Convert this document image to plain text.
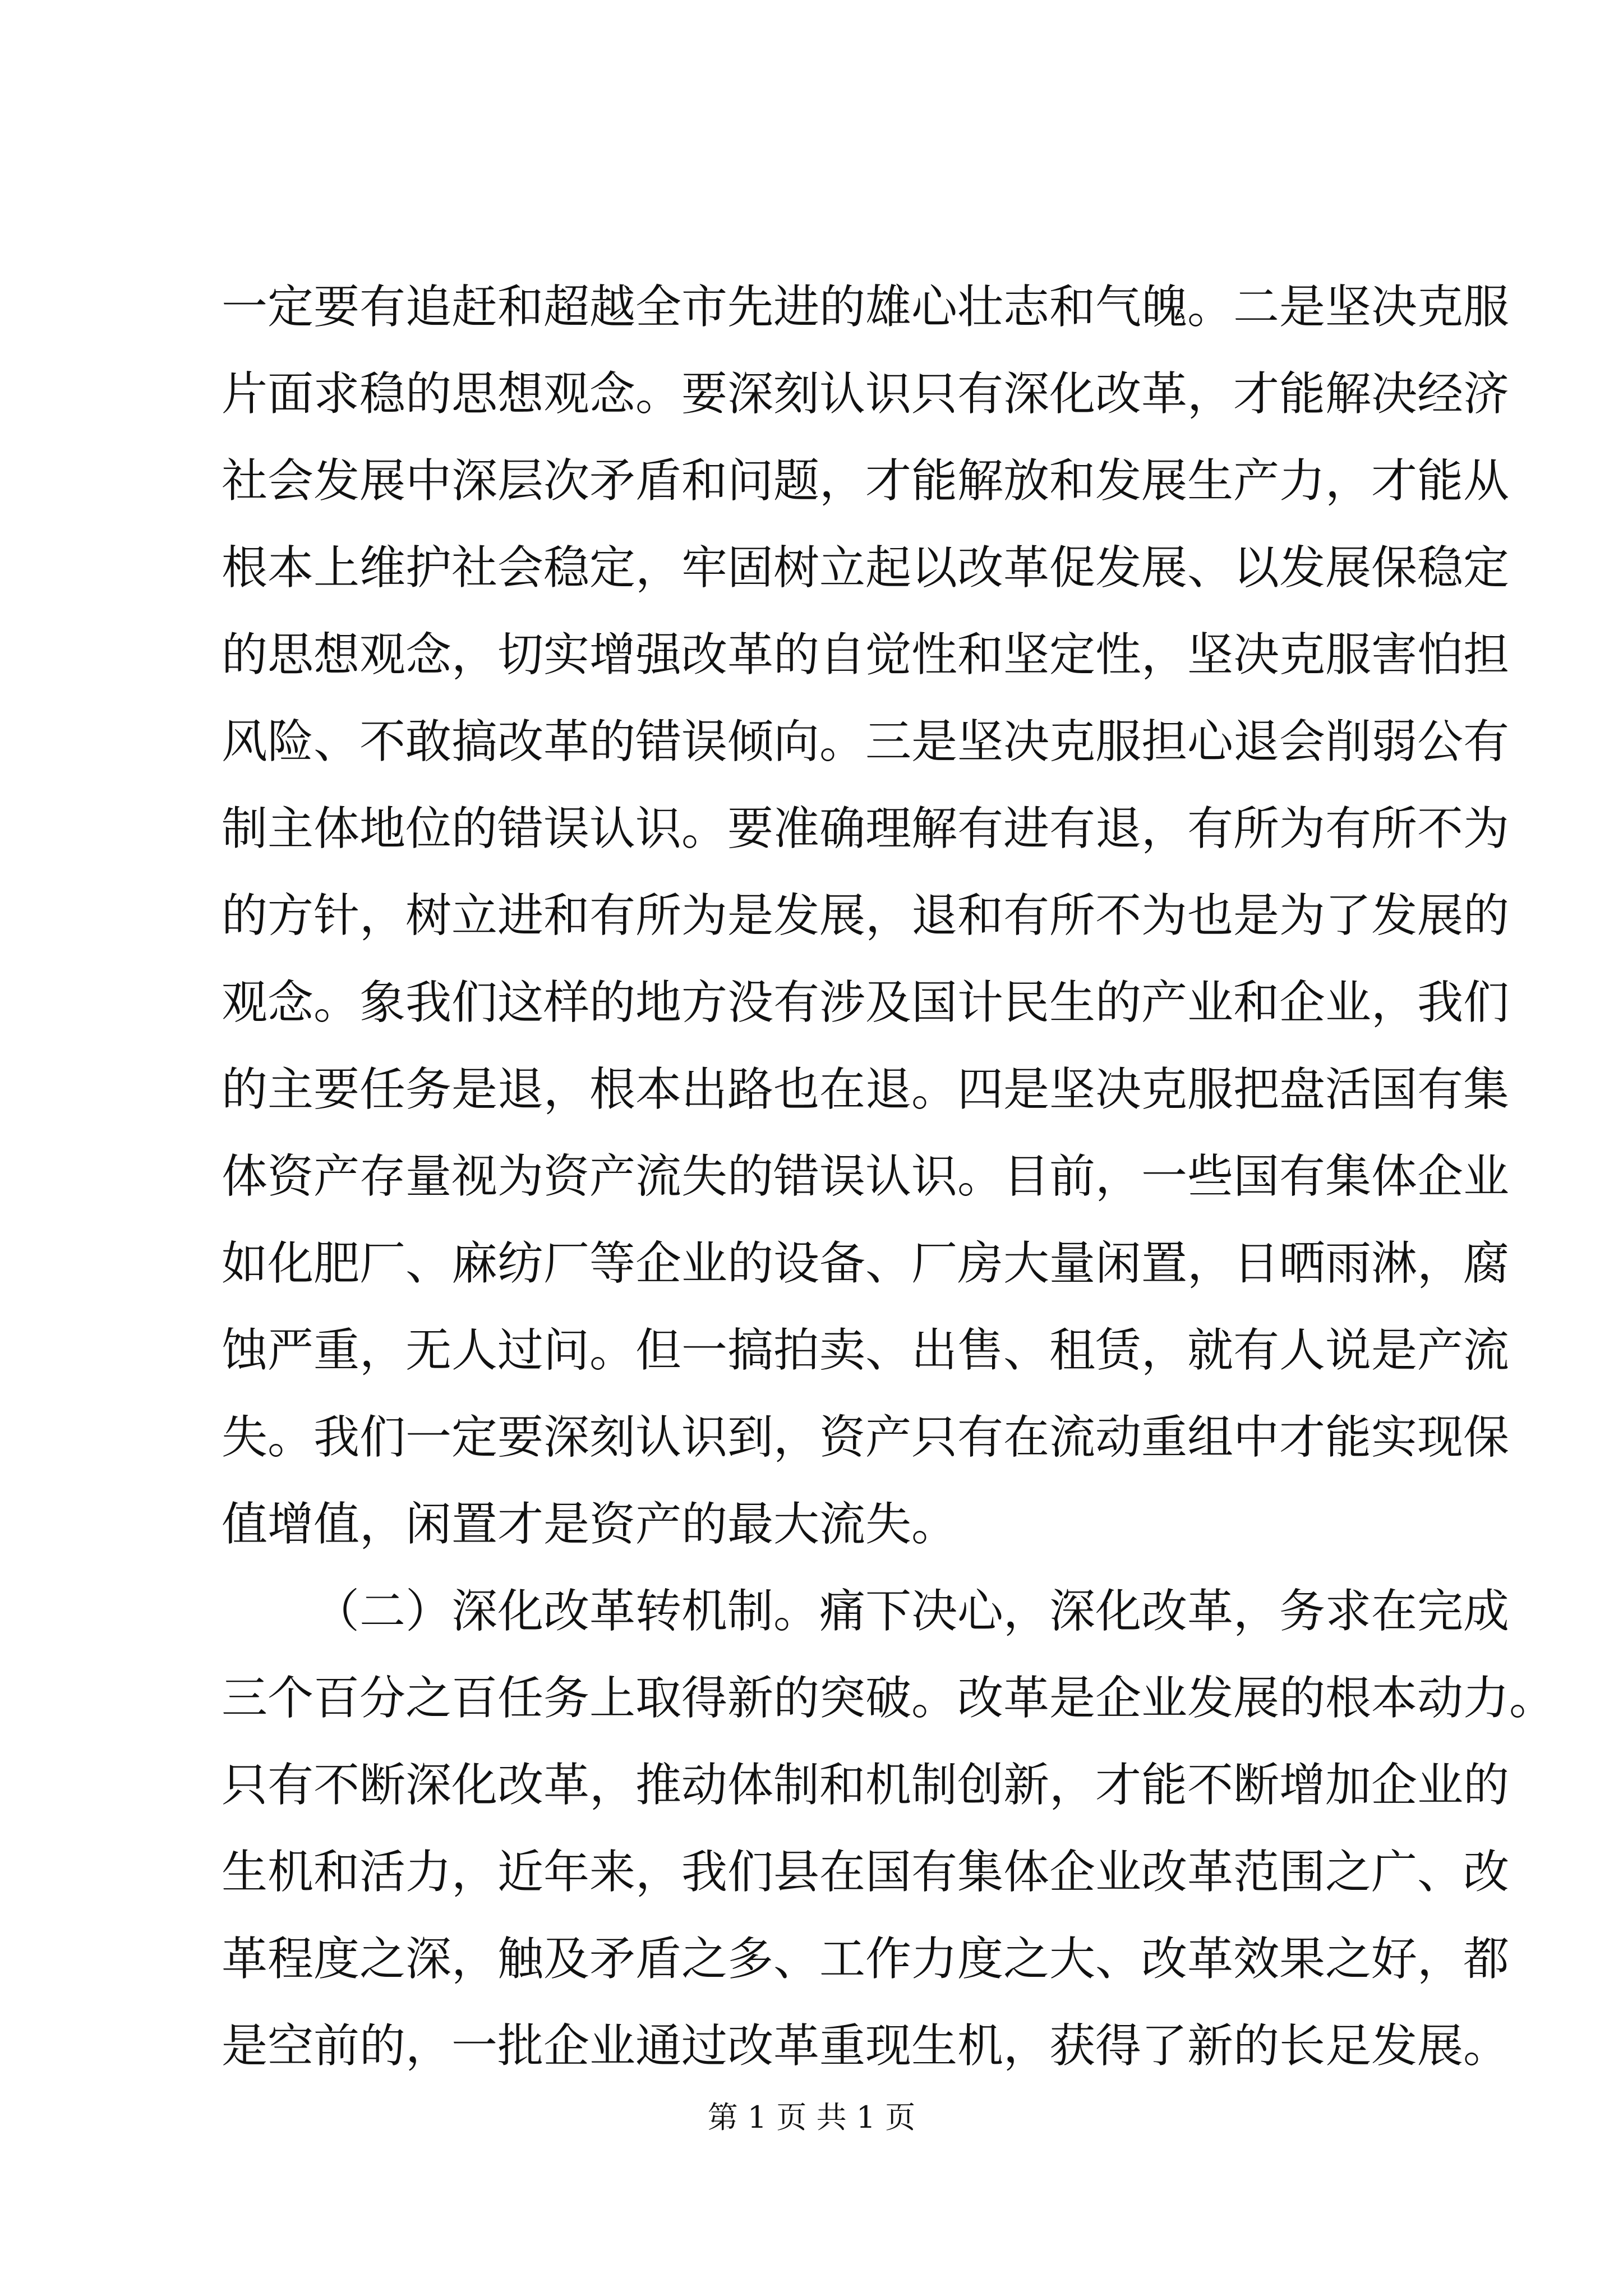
一定要有追赶和超越全市先进的雄心壮志和气魄。二是坚决克服
片面求稳的思想观念。要深刻认识只有深化改革，才能解决经济
社会发展中深层次矛盾和问题，才能解放和发展生产力，才能从
根本上维护社会稳定，牢固树立起以改革促发展、以发展保稳定
的思想观念，切实增强改革的自觉性和坚定性，坚决克服害怕担
风险、不敢搞改革的错误倾向。三是坚决克服担心退会削弱公有
制主体地位的错误认识。要准确理解有进有退，有所为有所不为
的方针，树立进和有所为是发展，退和有所不为也是为了发展的
观念。象我们这样的地方没有涉及国计民生的产业和企业，我们
的主要任务是退，根本出路也在退。四是坚决克服把盘活国有集
体资产存量视为资产流失的错误认识。目前，一些国有集体企业
如化肥厂、麻纺厂等企业的设备、厂房大量闲置，日晒雨淋，腐
蚀严重，无人过问。但一搞拍卖、出售、租赁，就有人说是产流
失。我们一定要深刻认识到，资产只有在流动重组中才能实现保
值增值，闲置才是资产的最大流失。
（二）深化改革转机制。痛下决心，深化改革，务求在完成
三个百分之百任务上取得新的突破。改革是企业发展的根本动力。
只有不断深化改革，推动体制和机制创新，才能不断增加企业的
生机和活力，近年来，我们县在国有集体企业改革范围之广、改
革程度之深，触及矛盾之多、工作力度之大、改革效果之好，都
是空前的，一批企业通过改革重现生机，获得了新的长足发展。
第 1 页 共 1 页
